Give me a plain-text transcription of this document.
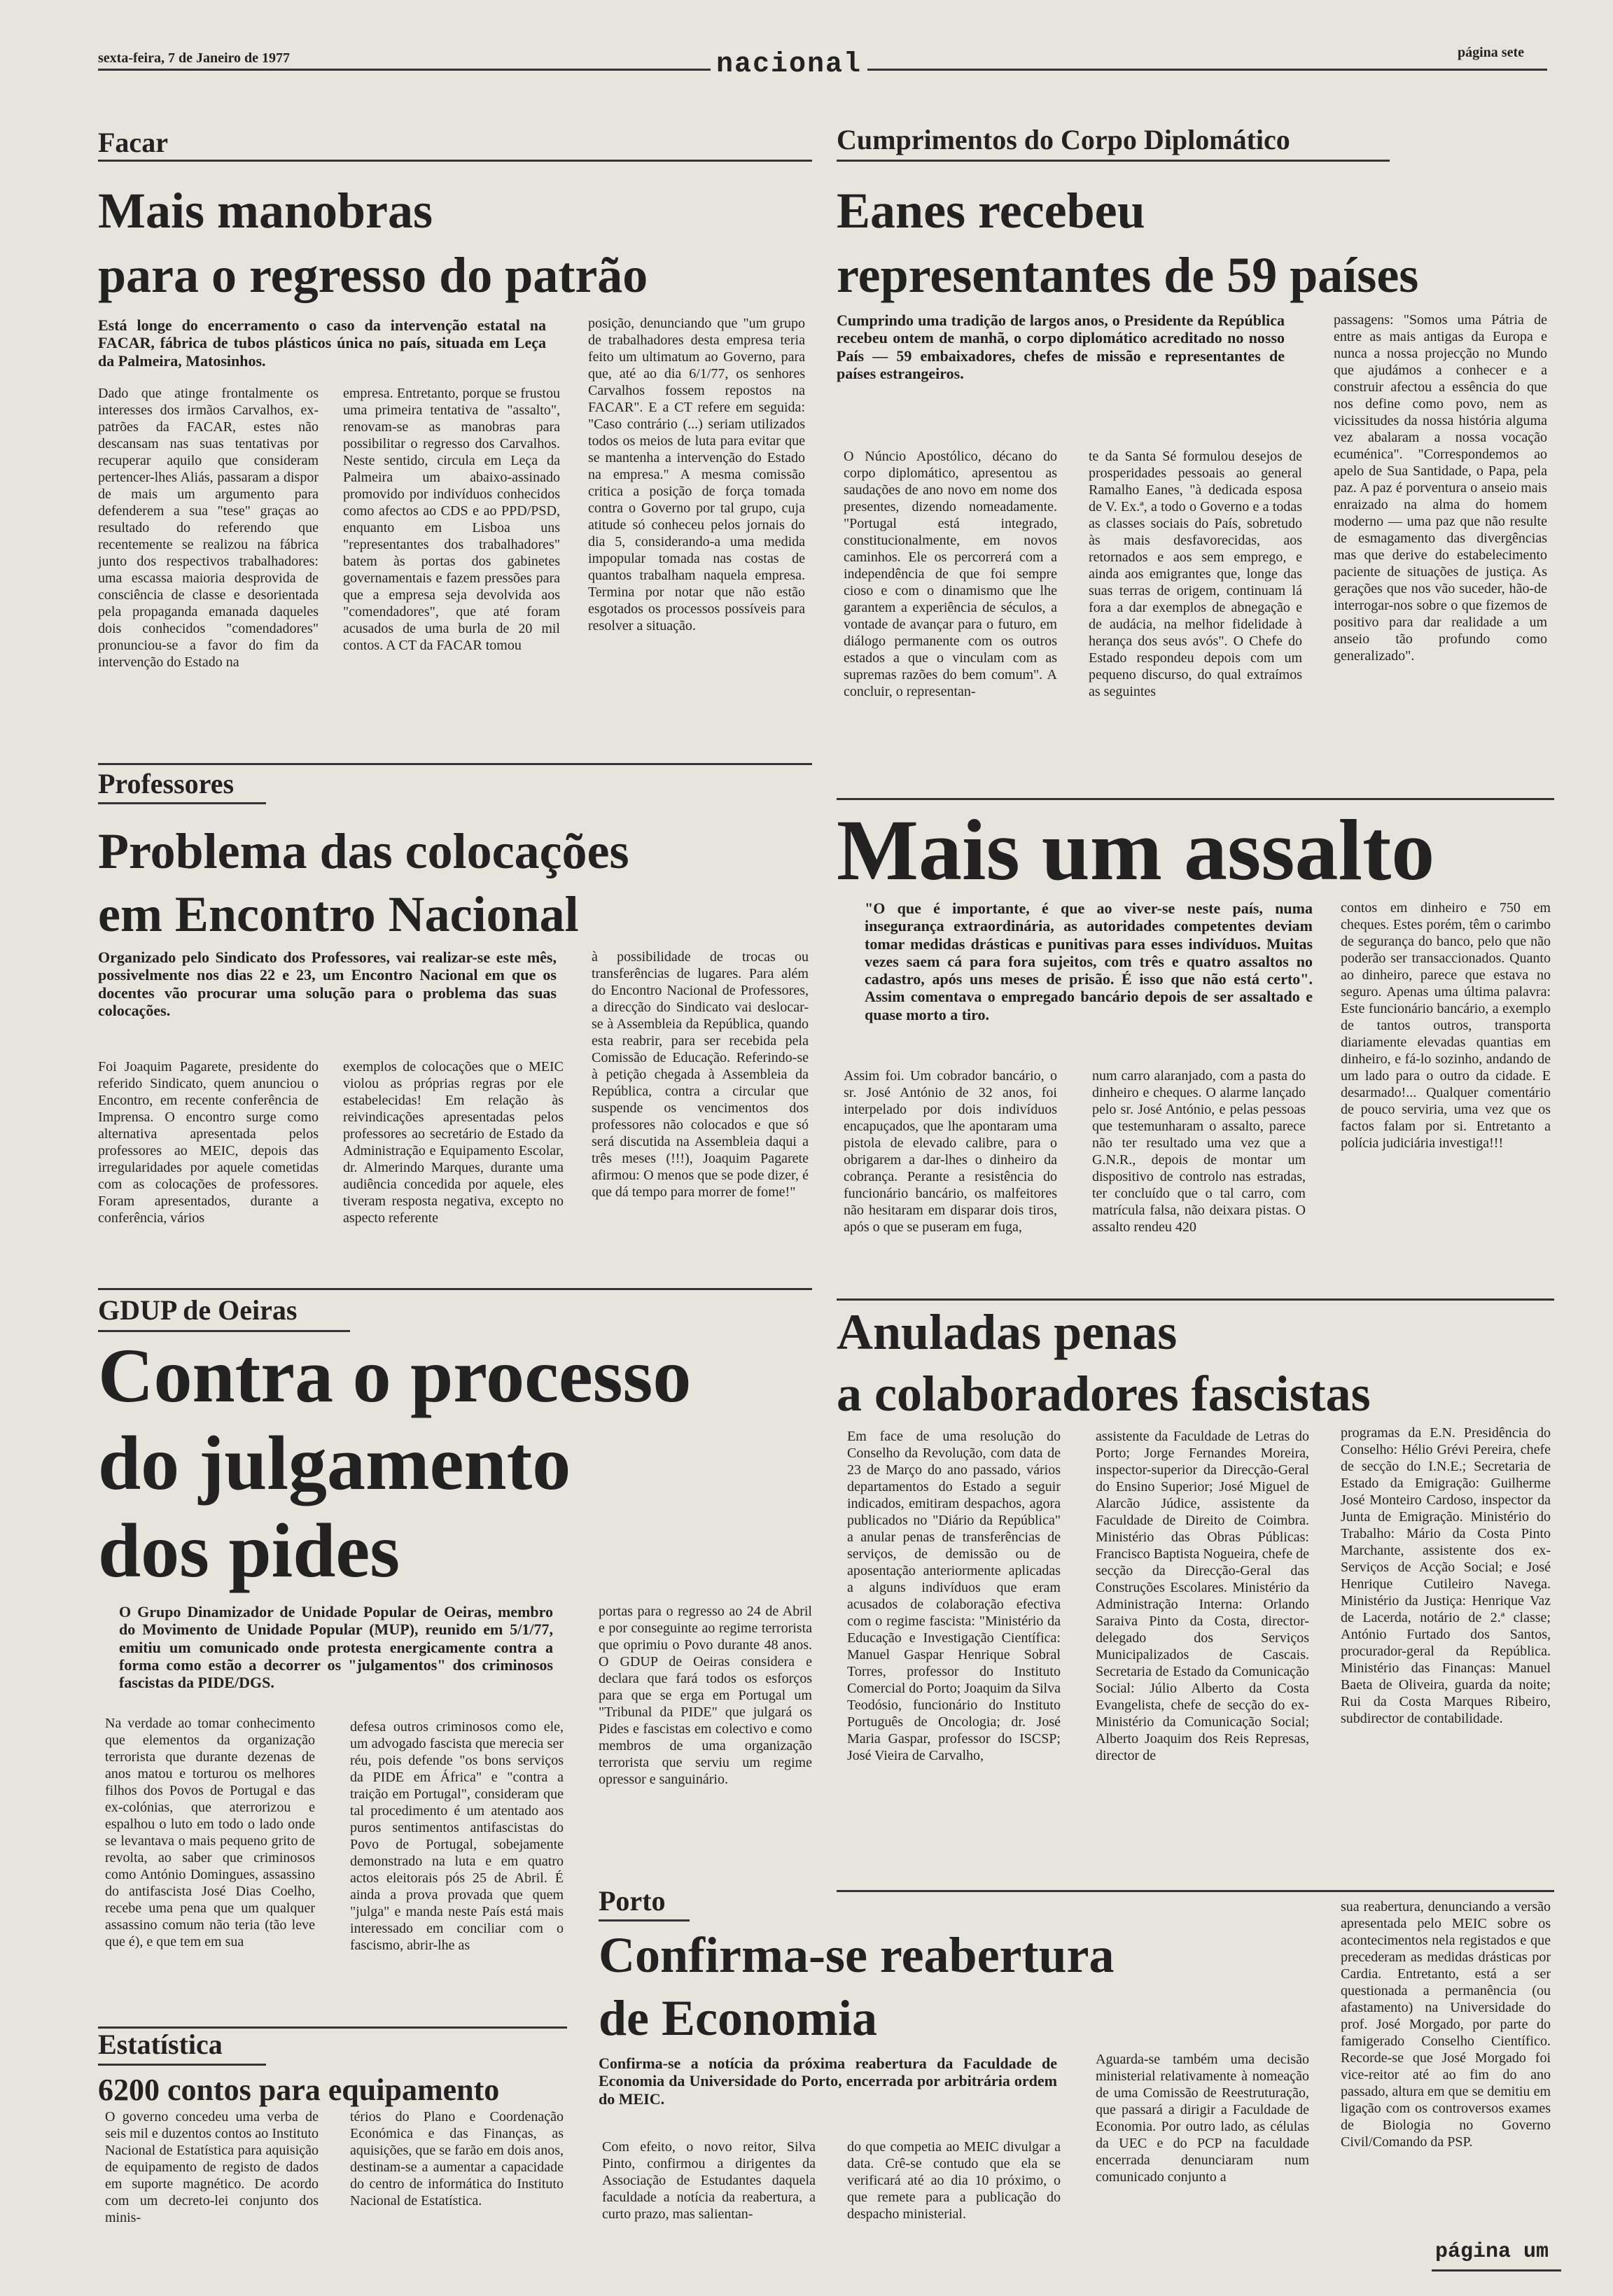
sexta-feira, 7 de Janeiro de 1977	nacional	página sete
Facar
Mais manobras
para o regresso do patrão
Está longe do encerramento o caso da intervenção estatal na FACAR, fábrica de tubos plásticos única no país, situada em Leça da Palmeira, Matosinhos.
Dado que atinge frontalmente os interesses dos irmãos Carvalhos, ex-patrões da FACAR, estes não descansam nas suas tentativas por recuperar aquilo que consideram pertencer-lhes Aliás, passaram a dispor de mais um argumento para defenderem a sua "tese" graças ao resultado do referendo que recentemente se realizou na fábrica junto dos respectivos trabalhadores: uma escassa maioria desprovida de consciência de classe e desorientada pela propaganda emanada daqueles dois conhecidos "comendadores" pronunciou-se a favor do fim da intervenção do Estado na
empresa. Entretanto, porque se frustou uma primeira tentativa de "assalto", renovam-se as manobras para possibilitar o regresso dos Carvalhos. Neste sentido, circula em Leça da Palmeira um abaixo-assinado promovido por indivíduos conhecidos como afectos ao CDS e ao PPD/PSD, enquanto em Lisboa uns "representantes dos trabalhadores" batem às portas dos gabinetes governamentais e fazem pressões para que a empresa seja devolvida aos "comendadores", que até foram acusados de uma burla de 20 mil contos. A CT da FACAR tomou
posição, denunciando que "um grupo de trabalhadores desta empresa teria feito um ultimatum ao Governo, para que, até ao dia 6/1/77, os senhores Carvalhos fossem repostos na FACAR". E a CT refere em seguida: "Caso contrário (...) seriam utilizados todos os meios de luta para evitar que se mantenha a intervenção do Estado na empresa." A mesma comissão critica a posição de força tomada contra o Governo por tal grupo, cuja atitude só conheceu pelos jornais do dia 5, considerando-a uma medida impopular tomada nas costas de quantos trabalham naquela empresa. Termina por notar que não estão esgotados os processos possíveis para resolver a situação.
Cumprimentos do Corpo Diplomático
Eanes recebeu
representantes de 59 países
Cumprindo uma tradição de largos anos, o Presidente da República recebeu ontem de manhã, o corpo diplomático acreditado no nosso País — 59 embaixadores, chefes de missão e representantes de países estrangeiros.
O Núncio Apostólico, décano do corpo diplomático, apresentou as saudações de ano novo em nome dos presentes, dizendo nomeadamente. "Portugal está integrado, constitucionalmente, em novos caminhos. Ele os percorrerá com a independência de que foi sempre cioso e com o dinamismo que lhe garantem a experiência de séculos, a vontade de avançar para o futuro, em diálogo permanente com os outros estados a que o vinculam com as supremas razões do bem comum". A concluir, o representan-
te da Santa Sé formulou desejos de prosperidades pessoais ao general Ramalho Eanes, "à dedicada esposa de V. Ex.ª, a todo o Governo e a todas as classes sociais do País, sobretudo às mais desfavorecidas, aos retornados e aos sem emprego, e ainda aos emigrantes que, longe das suas terras de origem, continuam lá fora a dar exemplos de abnegação e de audácia, na melhor fidelidade à herança dos seus avós". O Chefe do Estado respondeu depois com um pequeno discurso, do qual extraímos as seguintes
passagens: "Somos uma Pátria de entre as mais antigas da Europa e nunca a nossa projecção no Mundo que ajudámos a conhecer e a construir afectou a essência do que nos define como povo, nem as vicissitudes da nossa história alguma vez abalaram a nossa vocação ecuménica". "Correspondemos ao apelo de Sua Santidade, o Papa, pela paz. A paz é porventura o anseio mais enraizado na alma do homem moderno — uma paz que não resulte de esmagamento das divergências mas que derive do estabelecimento paciente de situações de justiça. As gerações que nos vão suceder, hão-de interrogar-nos sobre o que fizemos de positivo para dar realidade a um anseio tão profundo como generalizado".
Professores
Problema das colocações
em Encontro Nacional
Organizado pelo Sindicato dos Professores, vai realizar-se este mês, possivelmente nos dias 22 e 23, um Encontro Nacional em que os docentes vão procurar uma solução para o problema das suas colocações.
Foi Joaquim Pagarete, presidente do referido Sindicato, quem anunciou o Encontro, em recente conferência de Imprensa. O encontro surge como alternativa apresentada pelos professores ao MEIC, depois das irregularidades por aquele cometidas com as colocações de professores. Foram apresentados, durante a conferência, vários
exemplos de colocações que o MEIC violou as próprias regras por ele estabelecidas! Em relação às reivindicações apresentadas pelos professores ao secretário de Estado da Administração e Equipamento Escolar, dr. Almerindo Marques, durante uma audiência concedida por aquele, eles tiveram resposta negativa, excepto no aspecto referente
à possibilidade de trocas ou transferências de lugares. Para além do Encontro Nacional de Professores, a direcção do Sindicato vai deslocar-se à Assembleia da República, quando esta reabrir, para ser recebida pela Comissão de Educação. Referindo-se à petição chegada à Assembleia da República, contra a circular que suspende os vencimentos dos professores não colocados e que só será discutida na Assembleia daqui a três meses (!!!), Joaquim Pagarete afirmou: O menos que se pode dizer, é que dá tempo para morrer de fome!"
Mais um assalto
"O que é importante, é que ao viver-se neste país, numa insegurança extraordinária, as autoridades competentes deviam tomar medidas drásticas e punitivas para esses indivíduos. Muitas vezes saem cá para fora sujeitos, com três e quatro assaltos no cadastro, após uns meses de prisão. É isso que não está certo". Assim comentava o empregado bancário depois de ser assaltado e quase morto a tiro.
Assim foi. Um cobrador bancário, o sr. José António de 32 anos, foi interpelado por dois indivíduos encapuçados, que lhe apontaram uma pistola de elevado calibre, para o obrigarem a dar-lhes o dinheiro da cobrança. Perante a resistência do funcionário bancário, os malfeitores não hesitaram em disparar dois tiros, após o que se puseram em fuga,
num carro alaranjado, com a pasta do dinheiro e cheques. O alarme lançado pelo sr. José António, e pelas pessoas que testemunharam o assalto, parece não ter resultado uma vez que a G.N.R., depois de montar um dispositivo de controlo nas estradas, ter concluído que o tal carro, com matrícula falsa, não deixara pistas. O assalto rendeu 420
contos em dinheiro e 750 em cheques. Estes porém, têm o carimbo de segurança do banco, pelo que não poderão ser transaccionados. Quanto ao dinheiro, parece que estava no seguro. Apenas uma última palavra: Este funcionário bancário, a exemplo de tantos outros, transporta diariamente elevadas quantias em dinheiro, e fá-lo sozinho, andando de um lado para o outro da cidade. E desarmado!... Qualquer comentário de pouco serviria, uma vez que os factos falam por si. Entretanto a polícia judiciária investiga!!!
GDUP de Oeiras
Contra o processo
do julgamento
dos pides
O Grupo Dinamizador de Unidade Popular de Oeiras, membro do Movimento de Unidade Popular (MUP), reunido em 5/1/77, emitiu um comunicado onde protesta energicamente contra a forma como estão a decorrer os "julgamentos" dos criminosos fascistas da PIDE/DGS.
Na verdade ao tomar conhecimento que elementos da organização terrorista que durante dezenas de anos matou e torturou os melhores filhos dos Povos de Portugal e das ex-colónias, que aterrorizou e espalhou o luto em todo o lado onde se levantava o mais pequeno grito de revolta, ao saber que criminosos como António Domingues, assassino do antifascista José Dias Coelho, recebe uma pena que um qualquer assassino comum não teria (tão leve que é), e que tem em sua
defesa outros criminosos como ele, um advogado fascista que merecia ser réu, pois defende "os bons serviços da PIDE em África" e "contra a traição em Portugal", consideram que tal procedimento é um atentado aos puros sentimentos antifascistas do Povo de Portugal, sobejamente demonstrado na luta e em quatro actos eleitorais pós 25 de Abril. É ainda a prova provada que quem "julga" e manda neste País está mais interessado em conciliar com o fascismo, abrir-lhe as
portas para o regresso ao 24 de Abril e por conseguinte ao regime terrorista que oprimiu o Povo durante 48 anos. O GDUP de Oeiras considera e declara que fará todos os esforços para que se erga em Portugal um "Tribunal da PIDE" que julgará os Pides e fascistas em colectivo e como membros de uma organização terrorista que serviu um regime opressor e sanguinário.
Anuladas penas
a colaboradores fascistas
Em face de uma resolução do Conselho da Revolução, com data de 23 de Março do ano passado, vários departamentos do Estado a seguir indicados, emitiram despachos, agora publicados no "Diário da República" a anular penas de transferências de serviços, de demissão ou de aposentação anteriormente aplicadas a alguns indivíduos que eram acusados de colaboração efectiva com o regime fascista: "Ministério da Educação e Investigação Científica: Manuel Gaspar Henrique Sobral Torres, professor do Instituto Comercial do Porto; Joaquim da Silva Teodósio, funcionário do Instituto Português de Oncologia; dr. José Maria Gaspar, professor do ISCSP; José Vieira de Carvalho,
assistente da Faculdade de Letras do Porto; Jorge Fernandes Moreira, inspector-superior da Direcção-Geral do Ensino Superior; José Miguel de Alarcão Júdice, assistente da Faculdade de Direito de Coimbra. Ministério das Obras Públicas: Francisco Baptista Nogueira, chefe de secção da Direcção-Geral das Construções Escolares. Ministério da Administração Interna: Orlando Saraiva Pinto da Costa, director-delegado dos Serviços Municipalizados de Cascais. Secretaria de Estado da Comunicação Social: Júlio Alberto da Costa Evangelista, chefe de secção do ex-Ministério da Comunicação Social; Alberto Joaquim dos Reis Represas, director de
programas da E.N. Presidência do Conselho: Hélio Grévi Pereira, chefe de secção do I.N.E.; Secretaria de Estado da Emigração: Guilherme José Monteiro Cardoso, inspector da Junta de Emigração. Ministério do Trabalho: Mário da Costa Pinto Marchante, assistente dos ex-Serviços de Acção Social; e José Henrique Cutileiro Navega. Ministério da Justiça: Henrique Vaz de Lacerda, notário de 2.ª classe; António Furtado dos Santos, procurador-geral da República. Ministério das Finanças: Manuel Baeta de Oliveira, guarda da noite; Rui da Costa Marques Ribeiro, subdirector de contabilidade.
Estatística
6200 contos para equipamento
O governo concedeu uma verba de seis mil e duzentos contos ao Instituto Nacional de Estatística para aquisição de equipamento de registo de dados em suporte magnético. De acordo com um decreto-lei conjunto dos minis-
térios do Plano e Coordenação Económica e das Finanças, as aquisições, que se farão em dois anos, destinam-se a aumentar a capacidade do centro de informática do Instituto Nacional de Estatística.
Porto
Confirma-se reabertura
de Economia
Confirma-se a notícia da próxima reabertura da Faculdade de Economia da Universidade do Porto, encerrada por arbitrária ordem do MEIC.
Com efeito, o novo reitor, Silva Pinto, confirmou a dirigentes da Associação de Estudantes daquela faculdade a notícia da reabertura, a curto prazo, mas salientan-
do que competia ao MEIC divulgar a data. Crê-se contudo que ela se verificará até ao dia 10 próximo, o que remete para a publicação do despacho ministerial.
Aguarda-se também uma decisão ministerial relativamente à nomeação de uma Comissão de Reestruturação, que passará a dirigir a Faculdade de Economia. Por outro lado, as células da UEC e do PCP na faculdade encerrada denunciaram num comunicado conjunto a
sua reabertura, denunciando a versão apresentada pelo MEIC sobre os acontecimentos nela registados e que precederam as medidas drásticas por Cardia. Entretanto, está a ser questionada a permanência (ou afastamento) na Universidade do prof. José Morgado, por parte do famigerado Conselho Científico. Recorde-se que José Morgado foi vice-reitor até ao fim do ano passado, altura em que se demitiu em ligação com os controversos exames de Biologia no Governo Civil/Comando da PSP.
página um
